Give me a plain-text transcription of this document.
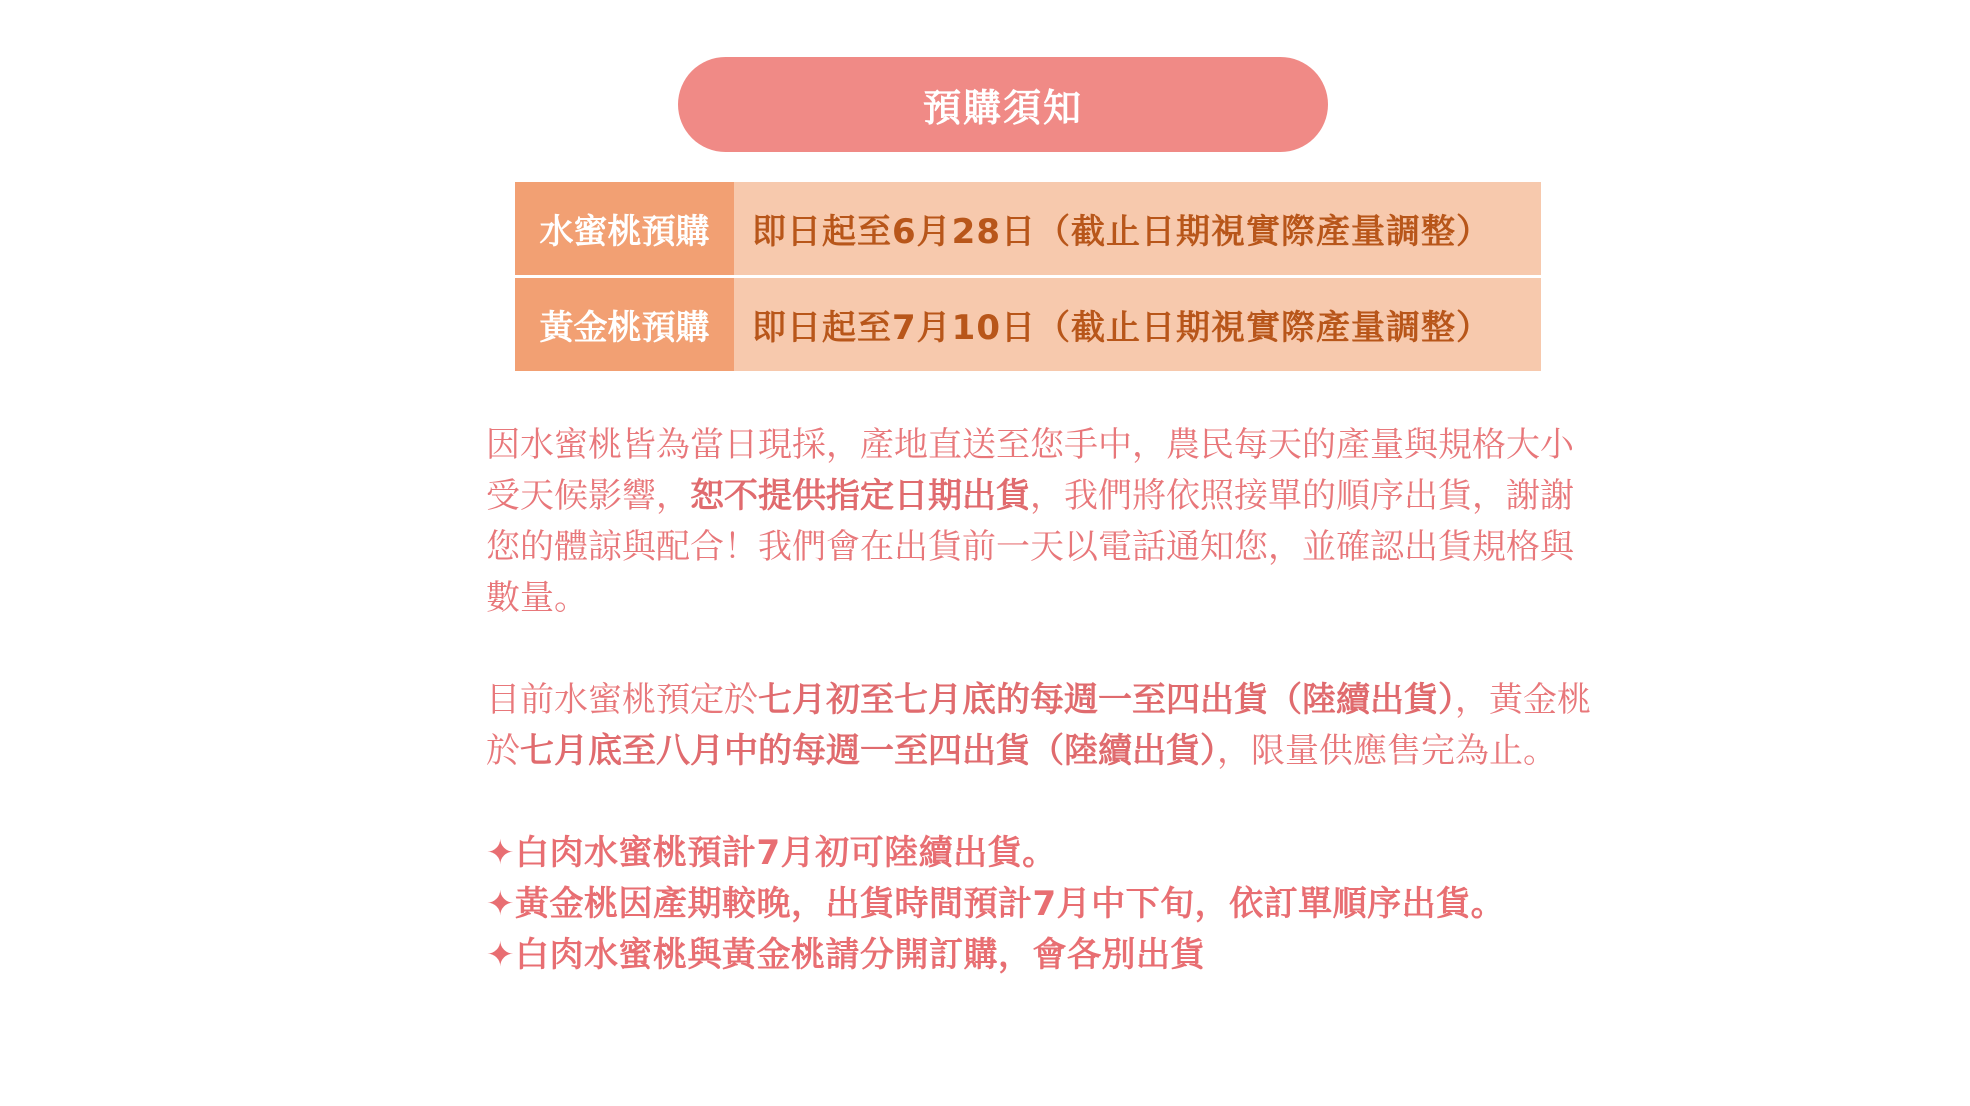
預購須知
水蜜桃預購	即日起至6月28日（截止日期視實際產量調整）
黃金桃預購	即日起至7月10日（截止日期視實際產量調整）

因水蜜桃皆為當日現採，產地直送至您手中，農民每天的產量與規格大小受天候影響，恕不提供指定日期出貨，我們將依照接單的順序出貨，謝謝您的體諒與配合！我們會在出貨前一天以電話通知您，並確認出貨規格與數量。

目前水蜜桃預定於七月初至七月底的每週一至四出貨（陸續出貨），黃金桃於七月底至八月中的每週一至四出貨（陸續出貨），限量供應售完為止。

✦白肉水蜜桃預計7月初可陸續出貨。
✦黃金桃因產期較晚，出貨時間預計7月中下旬，依訂單順序出貨。
✦白肉水蜜桃與黃金桃請分開訂購，會各別出貨
